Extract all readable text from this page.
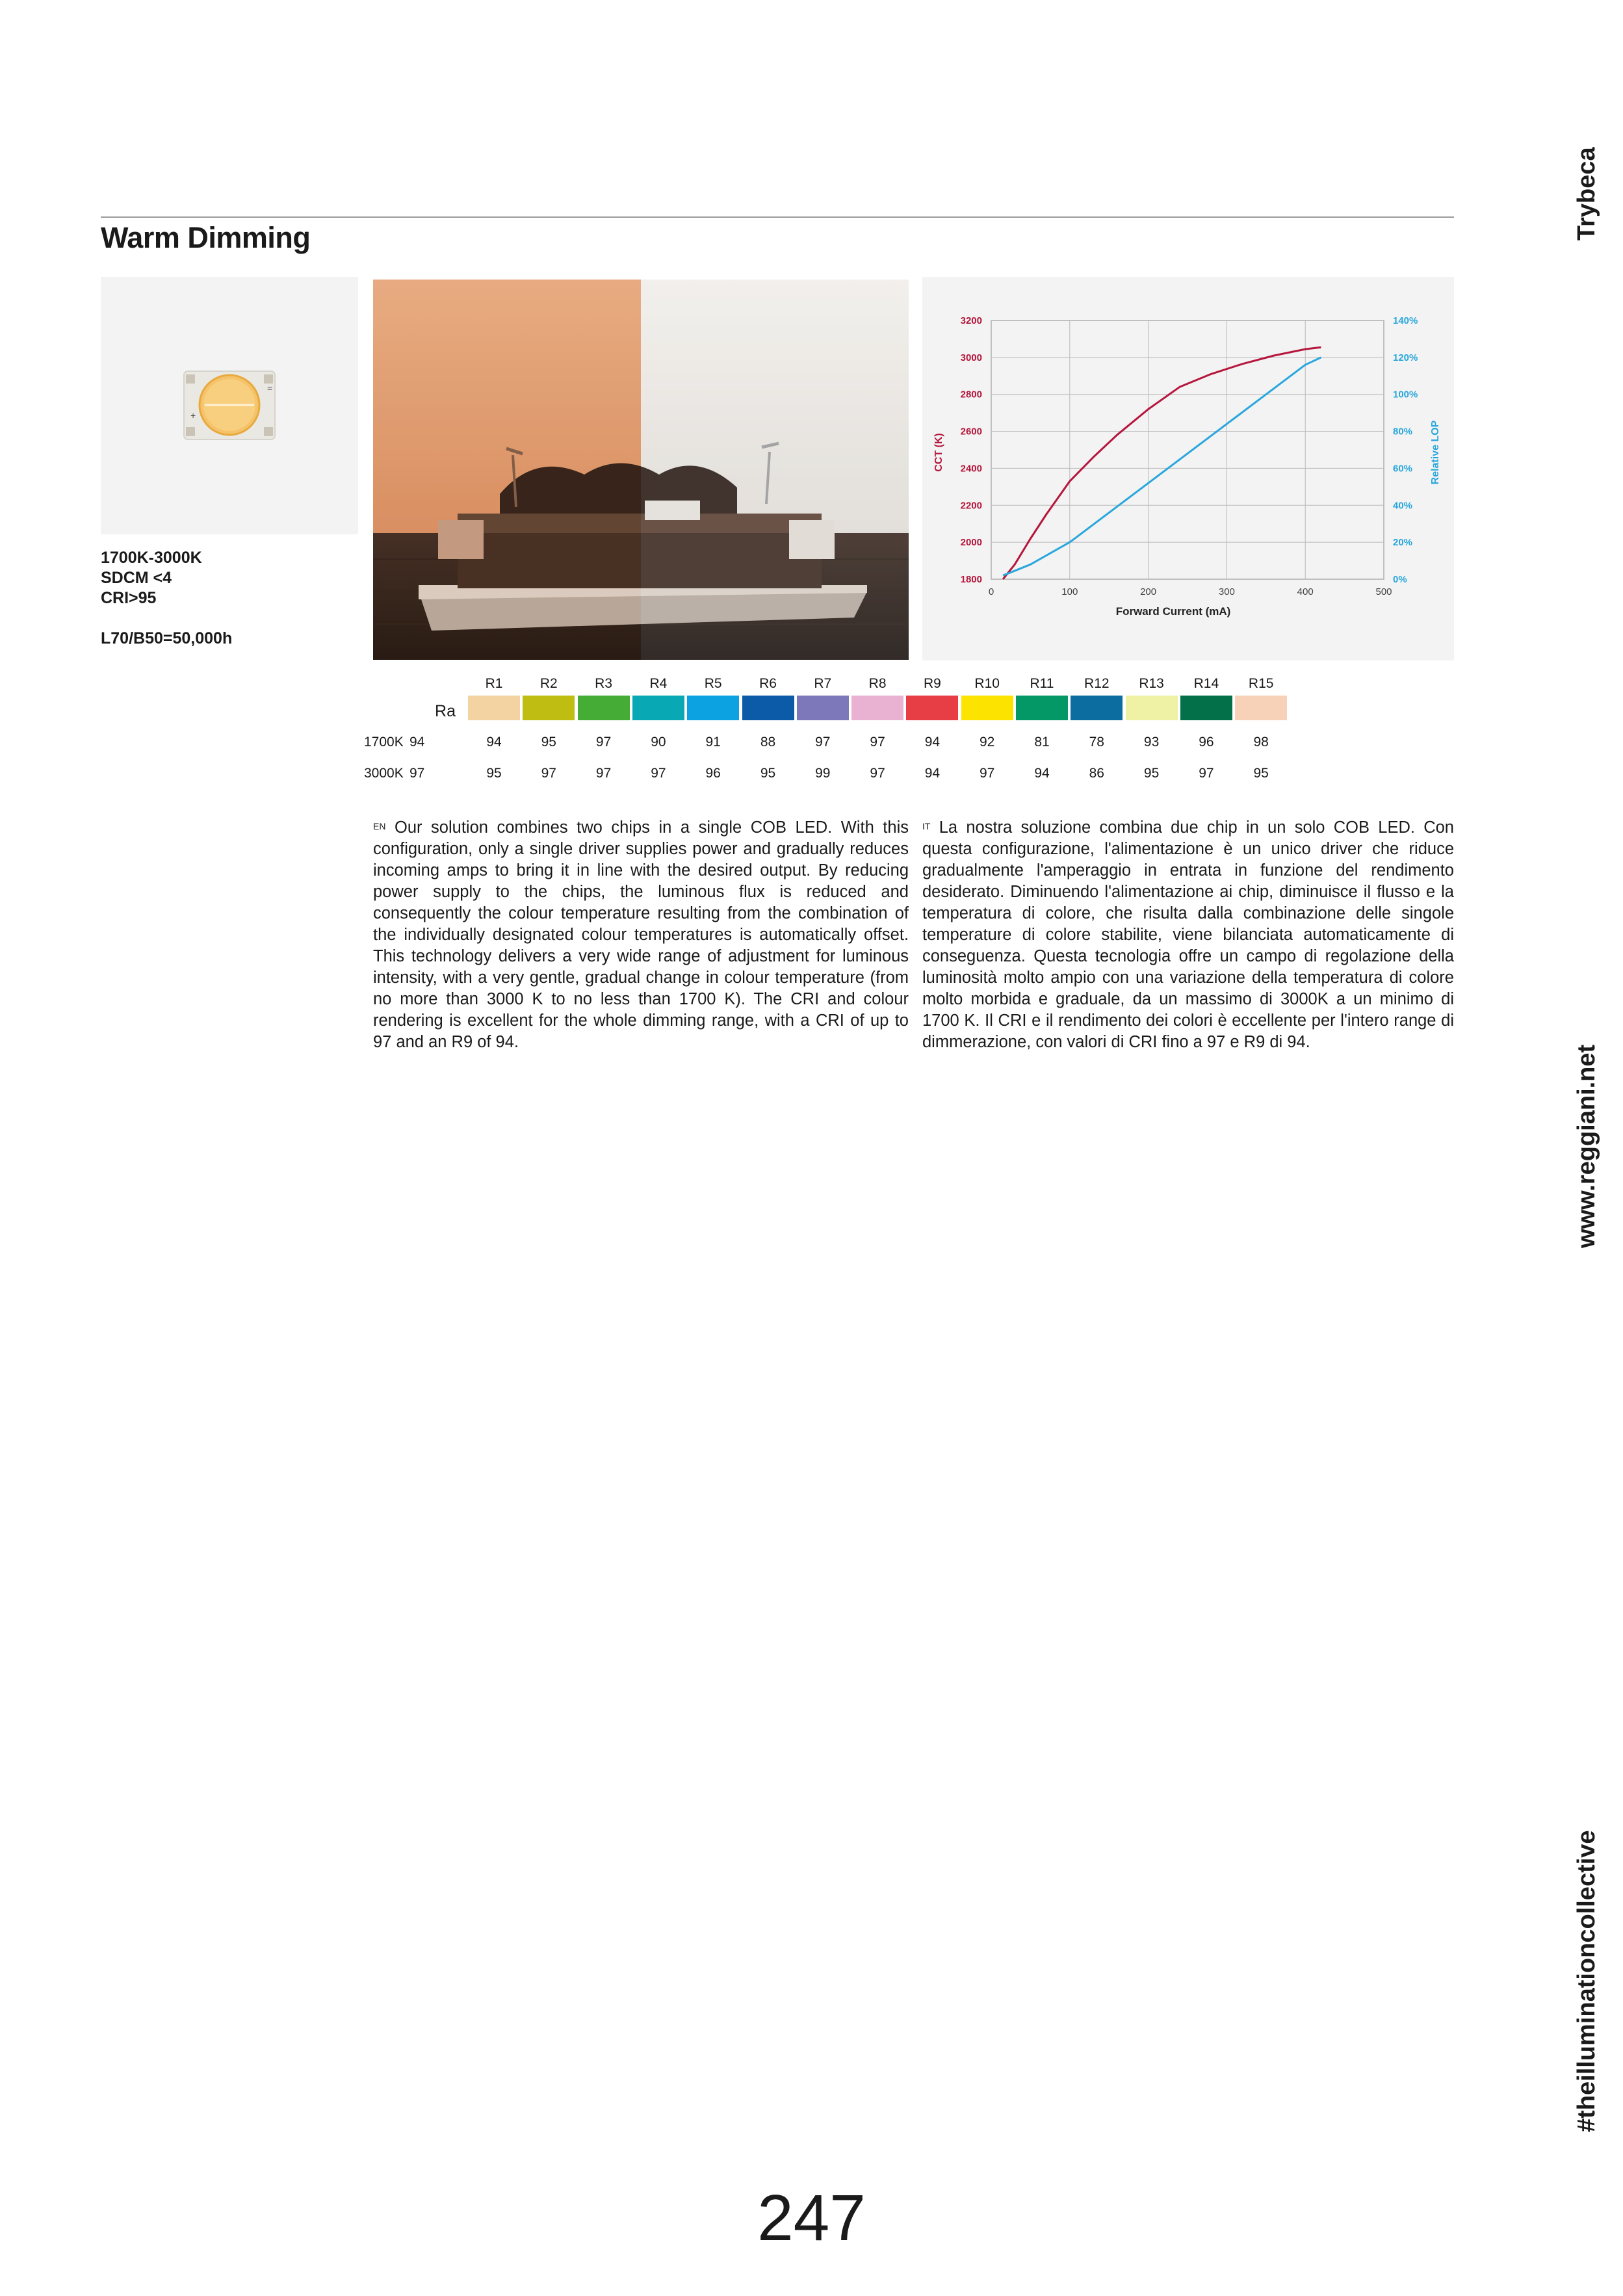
Warm Dimming	Trybeca
www.reggiani.net
#theilluminationcollective
=
+
1700K-3000K
SDCM <4
CRI>95
L70/B50=50,000h
0	100	200	300	400	500
1800
2000
2200
2400
2600
2800
3000
3200
0%
20%
40%
60%
80%
100%
120%
140%
Forward Current (mA)
CCT (K)	Relative LOP
Ra
R1	R2	R3	R4	R5	R6	R7	R8	R9	R10	R11	R12	R13	R14	R15
1700K 94	94	95	97	90	91	88	97	97	94	92	81	78	93	96	98
3000K 97	95	97	97	97	96	95	99	97	94	97	94	86	95	97	95
$^{EN}$ Our solution combines two chips in a single COB LED. With this configuration, only a single driver supplies power and gradually reduces incoming amps to bring it in line with the desired output. By reducing power supply to the chips, the luminous flux is reduced and consequently the colour temperature resulting from the combination of the individually designated colour temperatures is automatically offset. This technology delivers a very wide range of adjustment for luminous intensity, with a very gentle, gradual change in colour temperature (from no more than 3000 K to no less than 1700 K). The CRI and colour rendering is excellent for the whole dimming range, with a CRI of up to 97 and an R9 of 94.
$^{IT}$ La nostra soluzione combina due chip in un solo COB LED. Con questa configurazione, l'alimentazione è un unico driver che riduce gradualmente l'amperaggio in entrata in funzione del rendimento desiderato. Diminuendo l'alimentazione ai chip, diminuisce il flusso e la temperatura di colore, che risulta dalla combinazione delle singole temperature di colore stabilite, viene bilanciata automaticamente di conseguenza. Questa tecnologia offre un campo di regolazione della luminosità molto ampio con una variazione della temperatura di colore molto morbida e graduale, da un massimo di 3000K a un minimo di 1700 K. Il CRI e il rendimento dei colori è eccellente per l'intero range di dimmerazione, con valori di CRI fino a 97 e R9 di 94.
247
